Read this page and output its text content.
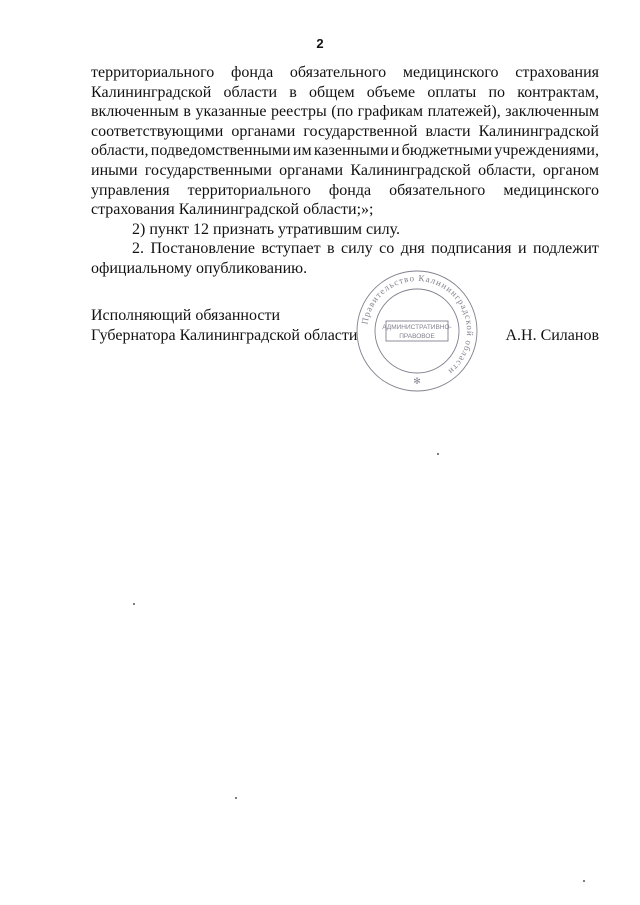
2
территориального фонда обязательного медицинского страхования
Калининградской области в общем объеме оплаты по контрактам,
включенным в указанные реестры (по графикам платежей), заключенным
соответствующими органами государственной власти Калининградской
области, подведомственными им казенными и бюджетными учреждениями,
иными государственными органами Калининградской области, органом
управления территориального фонда обязательного медицинского

страхования Калининградской области;»;

2) пункт 12 признать утратившим силу.

2. Постановление вступает в силу со дня подписания и подлежит

официальному опубликованию.

Исполняющий обязанности
Губернатора Калининградской области	А.Н. Силанов
Правительство Калининградской области
АДМИНИСТРАТИВНО-
ПРАВОВОЕ
✻
